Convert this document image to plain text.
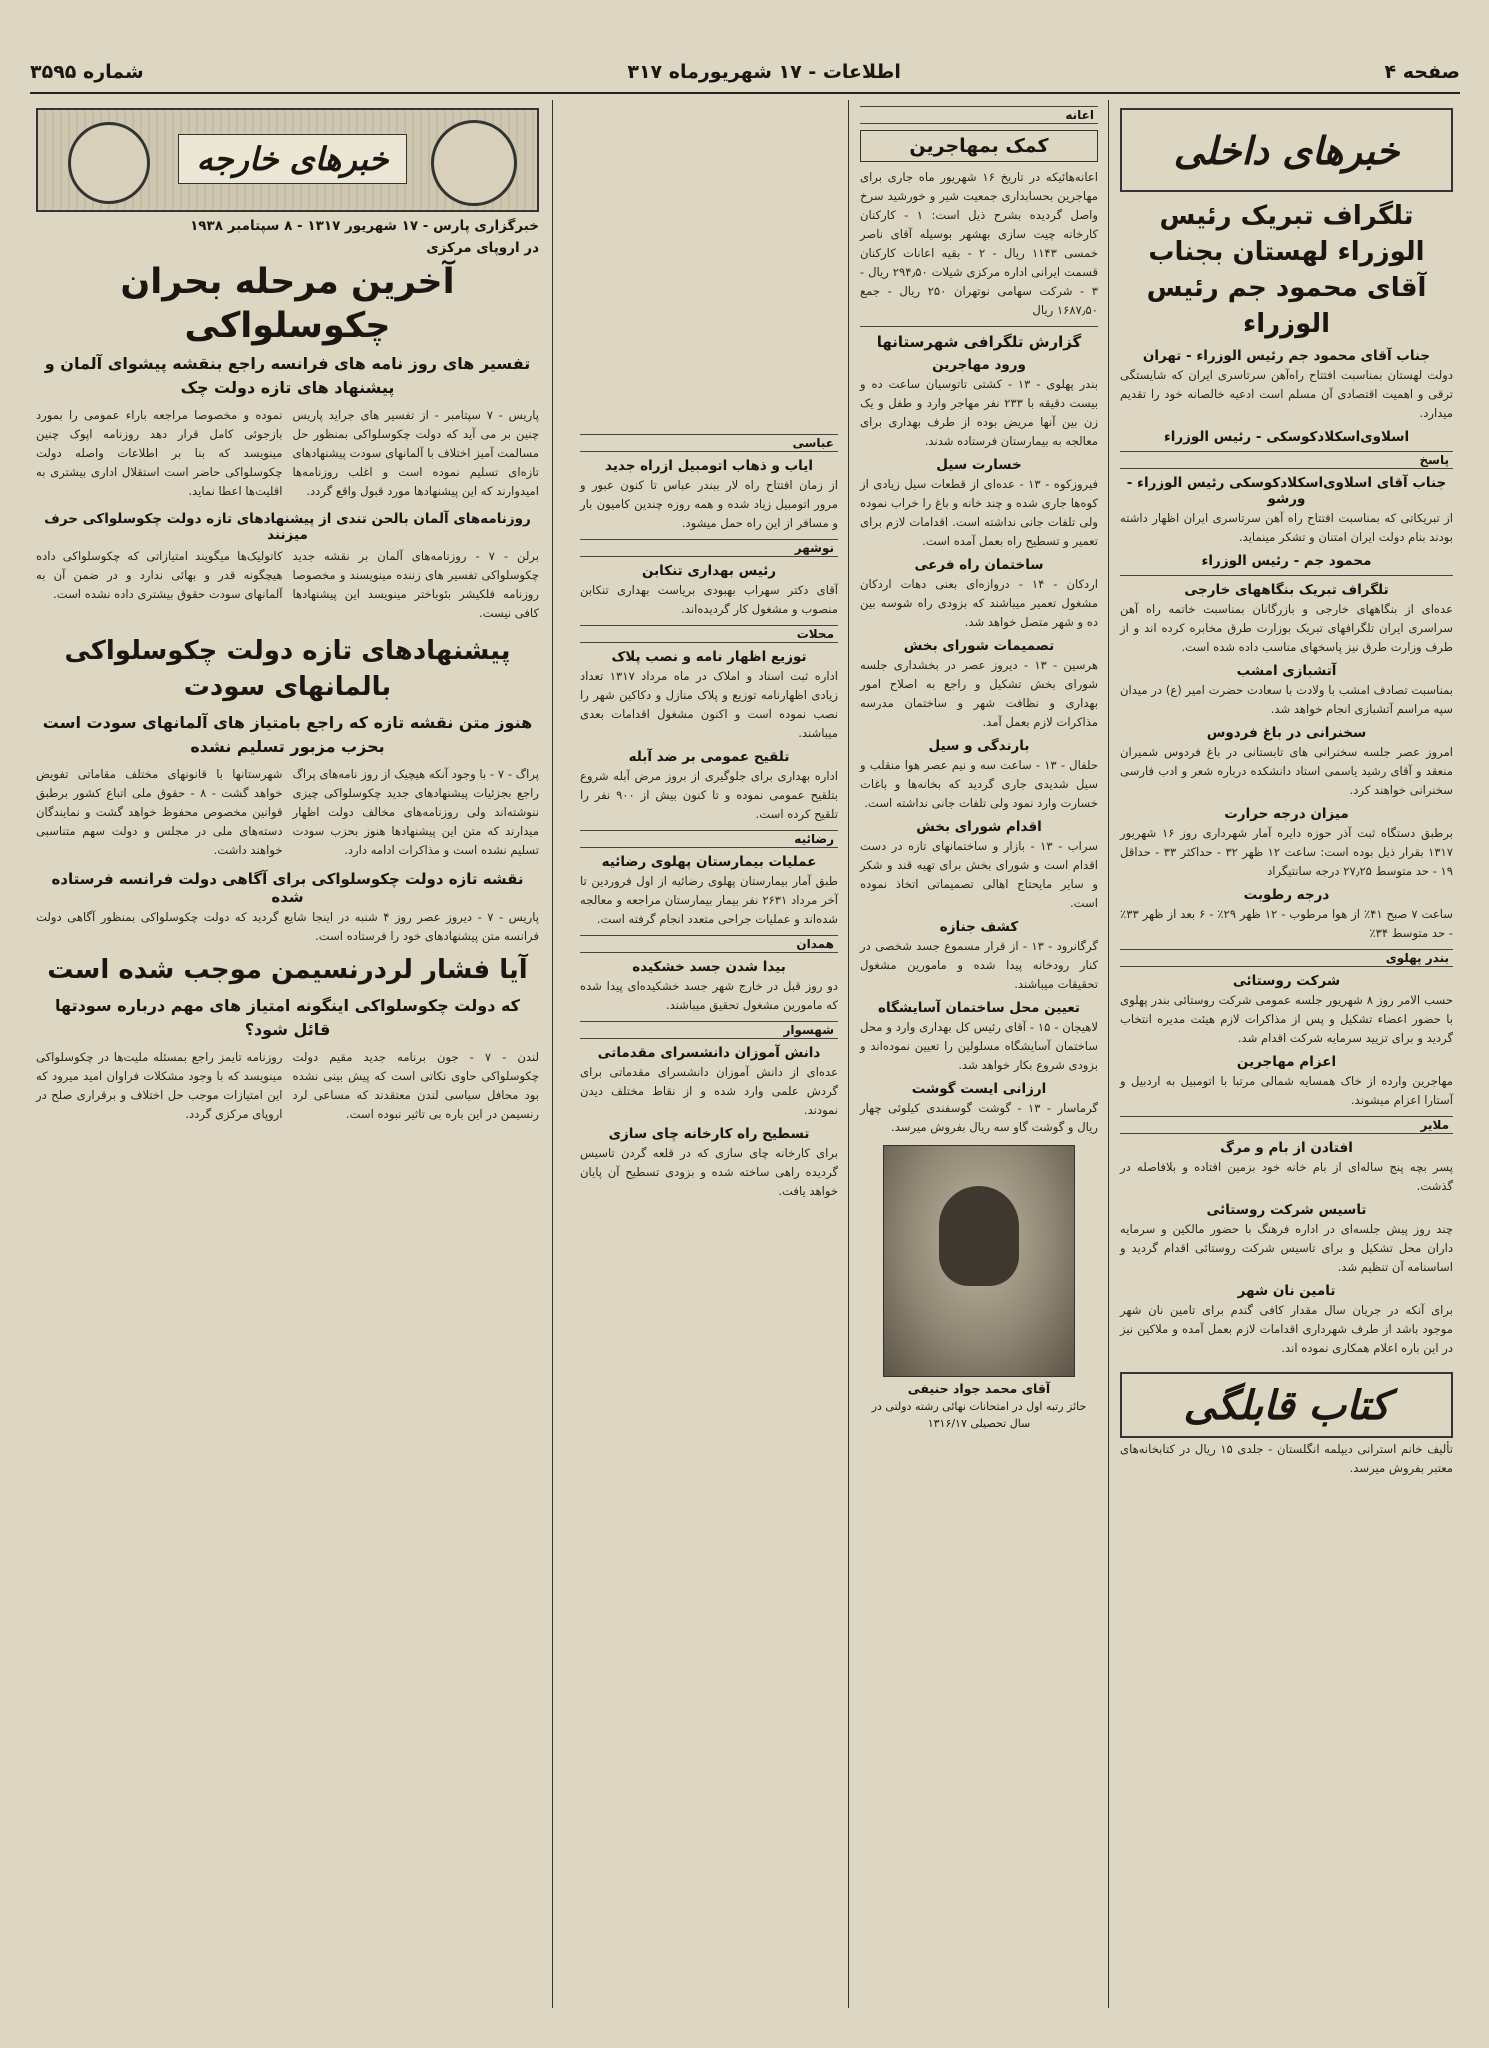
صفحه ۴
اطلاعات - ۱۷ شهریورماه ۳۱۷
شماره ۳۵۹۵
خبرهای داخلی
تلگراف تبریک رئیس الوزراء لهستان بجناب آقای محمود جم رئیس الوزراء
جناب آقای محمود جم رئیس الوزراء - تهران

دولت لهستان بمناسبت افتتاح راه‌آهن سرتاسری ایران که شایستگی ترقی و اهمیت اقتصادی آن مسلم است ادعیه خالصانه خود را تقدیم میدارد.

اسلاوی‌اسکلادکوسکی - رئیس الوزراء
پاسخ
جناب آقای اسلاوی‌اسکلادکوسکی رئیس الوزراء - ورشو

از تبریکاتی که بمناسبت افتتاح راه آهن سرتاسری ایران اظهار داشته بودند بنام دولت ایران امتنان و تشکر مینماید.

محمود جم - رئیس الوزراء
تلگراف تبریک بنگاههای خارجی

عده‌ای از بنگاههای خارجی و بازرگانان بمناسبت خاتمه راه آهن سراسری ایران تلگرافهای تبریک بوزارت طرق مخابره کرده اند و از طرف وزارت طرق نیز پاسخهای مناسب داده شده است.

آتشبازی امشب

بمناسبت تصادف امشب با ولادت با سعادت حضرت امیر (ع) در میدان سپه مراسم آتشبازی انجام خواهد شد.

سخنرانی در باغ فردوس

امروز عصر جلسه سخنرانی های تابستانی در باغ فردوس شمیران منعقد و آقای رشید یاسمی استاد دانشکده درباره شعر و ادب فارسی سخنرانی خواهند کرد.

میزان درجه حرارت

برطبق دستگاه ثبت آذر حوزه دایره آمار شهرداری روز ۱۶ شهریور ۱۳۱۷ بقرار ذیل بوده است: ساعت ۱۲ ظهر ۳۲ - حداکثر ۳۳ - حداقل ۱۹ - حد متوسط ۲۷٫۲۵ درجه سانتیگراد

درجه رطوبت

ساعت ۷ صبح ۴۱٪ از هوا مرطوب - ۱۲ ظهر ۲۹٪ - ۶ بعد از ظهر ۳۳٪ - حد متوسط ۳۴٪

بندر پهلوی
شرکت روستائی

حسب الامر روز ۸ شهریور جلسه عمومی شرکت روستائی بندر پهلوی با حضور اعضاء تشکیل و پس از مذاکرات لازم هیئت مدیره انتخاب گردید و برای تزیید سرمایه شرکت اقدام شد.

اعزام مهاجرین

مهاجرین وارده از خاک همسایه شمالی مرتبا با اتومبیل به اردبیل و آستارا اعزام میشوند.

ملایر
افتادن از بام و مرگ

پسر بچه پنج ساله‌ای از بام خانه خود بزمین افتاده و بلافاصله در گذشت.

تاسیس شرکت روستائی

چند روز پیش جلسه‌ای در اداره فرهنگ با حضور مالکین و سرمایه داران محل تشکیل و برای تاسیس شرکت روستائی اقدام گردید و اساسنامه آن تنظیم شد.

تامین نان شهر

برای آنکه در جریان سال مقدار کافی گندم برای تامین نان شهر موجود باشد از طرف شهرداری اقدامات لازم بعمل آمده و ملاکین نیز در این باره اعلام همکاری نموده اند.

کتاب قابلگی

تألیف خانم استرانی دیپلمه انگلستان - جلدی ۱۵ ریال در کتابخانه‌های معتبر بفروش میرسد.

اعانه
کمک بمهاجرین

اعانه‌هائیکه در تاریخ ۱۶ شهریور ماه جاری برای مهاجرین بحسابداری جمعیت شیر و خورشید سرخ واصل گردیده بشرح ذیل است: ۱ - کارکنان کارخانه چیت سازی بهشهر بوسیله آقای ناصر خمسی ۱۱۴۳ ریال - ۲ - بقیه اعانات کارکنان قسمت ایرانی اداره مرکزی شیلات ۲۹۴٫۵۰ ریال - ۳ - شرکت سهامی نوتهران ۲۵۰ ریال - جمع ۱۶۸۷٫۵۰ ریال

گزارش تلگرافی شهرستانها
ورود مهاجرین

بندر پهلوی - ۱۳ - کشتی تاتوسیان ساعت ده و بیست دقیقه با ۲۳۳ نفر مهاجر وارد و طفل و یک زن بین آنها مریض بوده از طرف بهداری برای معالجه به بیمارستان فرستاده شدند.

خسارت سیل

فیروزکوه - ۱۳ - عده‌ای از قطعات سیل زیادی از کوه‌ها جاری شده و چند خانه و باغ را خراب نموده ولی تلفات جانی نداشته است. اقدامات لازم برای تعمیر و تسطیح راه بعمل آمده است.

ساختمان راه فرعی

اردکان - ۱۴ - دروازه‌ای بعنی دهات اردکان مشغول تعمیر میباشند که بزودی راه شوسه بین ده و شهر متصل خواهد شد.

تصمیمات شورای بخش

هرسین - ۱۳ - دیروز عصر در بخشداری جلسه شورای بخش تشکیل و راجع به اصلاح امور بهداری و نظافت شهر و ساختمان مدرسه مذاکرات لازم بعمل آمد.

بارندگی و سیل

حلفال - ۱۳ - ساعت سه و نیم عصر هوا منقلب و سیل شدیدی جاری گردید که بخانه‌ها و باغات خسارت وارد نمود ولی تلفات جانی نداشته است.

اقدام شورای بخش

سراب - ۱۳ - بازار و ساختمانهای تازه در دست اقدام است و شورای بخش برای تهیه قند و شکر و سایر مایحتاج اهالی تصمیماتی اتخاذ نموده است.

کشف جنازه

گرگانرود - ۱۳ - از قرار مسموع جسد شخصی در کنار رودخانه پیدا شده و مامورین مشغول تحقیقات میباشند.

تعیین محل ساختمان آسایشگاه

لاهیجان - ۱۵ - آقای رئیس کل بهداری وارد و محل ساختمان آسایشگاه مسلولین را تعیین نموده‌اند و بزودی شروع بکار خواهد شد.

ارزانی ایست گوشت

گرماسار - ۱۳ - گوشت گوسفندی کیلوئی چهار ریال و گوشت گاو سه ریال بفروش میرسد.

آقای محمد جواد حنیفی
حائز رتبه اول در امتحانات نهائی رشته دولتی در سال تحصیلی ۱۳۱۶/۱۷
عباسی
ایاب و ذهاب اتومبیل ازراه جدید

از زمان افتتاح راه لار ببندر عباس تا کنون عبور و مرور اتومبیل زیاد شده و همه روزه چندین کامیون بار و مسافر از این راه حمل میشود.

نوشهر
رئیس بهداری تنکابن

آقای دکتر سهراب بهبودی بریاست بهداری تنکابن منصوب و مشغول کار گردیده‌اند.

محلات
توزیع اظهار نامه و نصب پلاک

اداره ثبت اسناد و املاک در ماه مرداد ۱۳۱۷ تعداد زیادی اظهارنامه توزیع و پلاک منازل و دکاکین شهر را نصب نموده است و اکنون مشغول اقدامات بعدی میباشند.

تلقیح عمومی بر ضد آبله

اداره بهداری برای جلوگیری از بروز مرض آبله شروع بتلقیح عمومی نموده و تا کنون بیش از ۹۰۰ نفر را تلقیح کرده است.

رضائیه
عملیات بیمارستان پهلوی رضائیه

طبق آمار بیمارستان پهلوی رضائیه از اول فروردین تا آخر مرداد ۲۶۳۱ نفر بیمار بیمارستان مراجعه و معالجه شده‌اند و عملیات جراحی متعدد انجام گرفته است.

همدان
بیدا شدن جسد خشکیده

دو روز قبل در خارج شهر جسد خشکیده‌ای پیدا شده که مامورین مشغول تحقیق میباشند.

شهسوار
دانش آموزان دانشسرای مقدماتی

عده‌ای از دانش آموزان دانشسرای مقدماتی برای گردش علمی وارد شده و از نقاط مختلف دیدن نمودند.

تسطیح راه کارخانه چای سازی

برای کارخانه چای سازی که در قلعه گردن تاسیس گردیده راهی ساخته شده و بزودی تسطیح آن پایان خواهد یافت.

خبرهای خارجه
خبرگزاری پارس - ۱۷ شهریور ۱۳۱۷ - ۸ سپتامبر ۱۹۳۸
در اروپای مرکزی
آخرین مرحله بحران چکوسلواکی
تفسیر های روز نامه های فرانسه راجع بنقشه پیشوای آلمان و پیشنهاد های تازه دولت چک

پاریس - ۷ سپتامبر - از تفسیر های جراید پاریس چنین بر می آید که دولت چکوسلواکی بمنظور حل مسالمت آمیز اختلاف با آلمانهای سودت پیشنهادهای تازه‌ای تسلیم نموده است و اغلب روزنامه‌ها امیدوارند که این پیشنهادها مورد قبول واقع گردد.

نموده و مخصوصا مراجعه باراء عمومی را بمورد بازجوئی کامل قرار دهد روزنامه اپوک چنین مینویسد که بنا بر اطلاعات واصله دولت چکوسلواکی حاضر است استقلال اداری بیشتری به اقلیت‌ها اعطا نماید.

روزنامه‌های آلمان بالحن تندی از پیشنهادهای تازه دولت چکوسلواکی حرف میزنند

برلن - ۷ - روزنامه‌های آلمان بر نقشه جدید چکوسلواکی تفسیر های زننده مینویسند و مخصوصا روزنامه فلکیشر بئوباختر مینویسد این پیشنهادها کافی نیست.

کاتولیک‌ها میگویند امتیازاتی که چکوسلواکی داده هیچگونه قدر و بهائی ندارد و در ضمن آن به آلمانهای سودت حقوق بیشتری داده نشده است.

پیشنهادهای تازه دولت چکوسلواکی بالمانهای سودت
هنوز متن نقشه تازه که راجع بامتیاز های آلمانهای سودت است بحزب مزبور تسلیم نشده

پراگ - ۷ - با وجود آنکه هیچیک از روز نامه‌های پراگ راجع بجزئیات پیشنهادهای جدید چکوسلواکی چیزی ننوشته‌اند ولی روزنامه‌های مخالف دولت اظهار میدارند که متن این پیشنهادها هنوز بحزب سودت تسلیم نشده است و مذاکرات ادامه دارد.

شهرستانها با قانونهای مختلف مقاماتی تفویض خواهد گشت - ۸ - حقوق ملی اتباع کشور برطبق قوانین مخصوص محفوظ خواهد گشت و نمایندگان دسته‌های ملی در مجلس و دولت سهم متناسبی خواهند داشت.

نقشه تازه دولت چکوسلواکی برای آگاهی دولت فرانسه فرستاده شده

پاریس - ۷ - دیروز عصر روز ۴ شنبه در اینجا شایع گردید که دولت چکوسلواکی بمنظور آگاهی دولت فرانسه متن پیشنهادهای خود را فرستاده است.

آیا فشار لردرنسیمن موجب شده است
که دولت چکوسلواکی اینگونه امتیاز های مهم درباره سودتها قائل شود؟

لندن - ۷ - جون برنامه جدید مقیم دولت چکوسلواکی حاوی نکاتی است که پیش بینی نشده بود محافل سیاسی لندن معتقدند که مساعی لرد رنسیمن در این باره بی تاثیر نبوده است.

روزنامه تایمز راجع بمسئله ملیت‌ها در چکوسلواکی مینویسد که با وجود مشکلات فراوان امید میرود که این امتیازات موجب حل اختلاف و برقراری صلح در اروپای مرکزی گردد.
